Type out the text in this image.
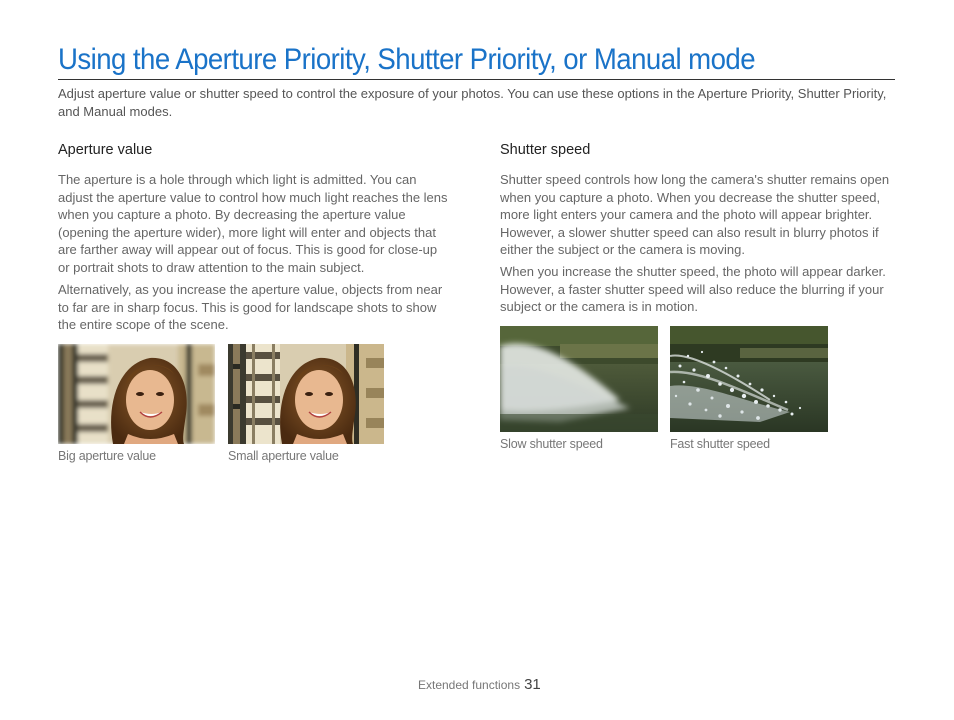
Using the Aperture Priority, Shutter Priority, or Manual mode
Adjust aperture value or shutter speed to control the exposure of your photos. You can use these options in the Aperture Priority, Shutter Priority, and Manual modes.
Aperture value

The aperture is a hole through which light is admitted. You can adjust the aperture value to control how much light reaches the lens when you capture a photo. By decreasing the aperture value (opening the aperture wider), more light will enter and objects that are farther away will appear out of focus. This is good for close-up or portrait shots to draw attention to the main subject.

Alternatively, as you increase the aperture value, objects from near to far are in sharp focus. This is good for landscape shots to show the entire scope of the scene.

Big aperture value	Small aperture value
Shutter speed

Shutter speed controls how long the camera's shutter remains open when you capture a photo. When you decrease the shutter speed, more light enters your camera and the photo will appear brighter. However, a slower shutter speed can also result in blurry photos if either the subject or the camera is moving.

When you increase the shutter speed, the photo will appear darker. However, a faster shutter speed will also reduce the blurring if your subject or the camera is in motion.

Slow shutter speed	Fast shutter speed
Extended functions 31
